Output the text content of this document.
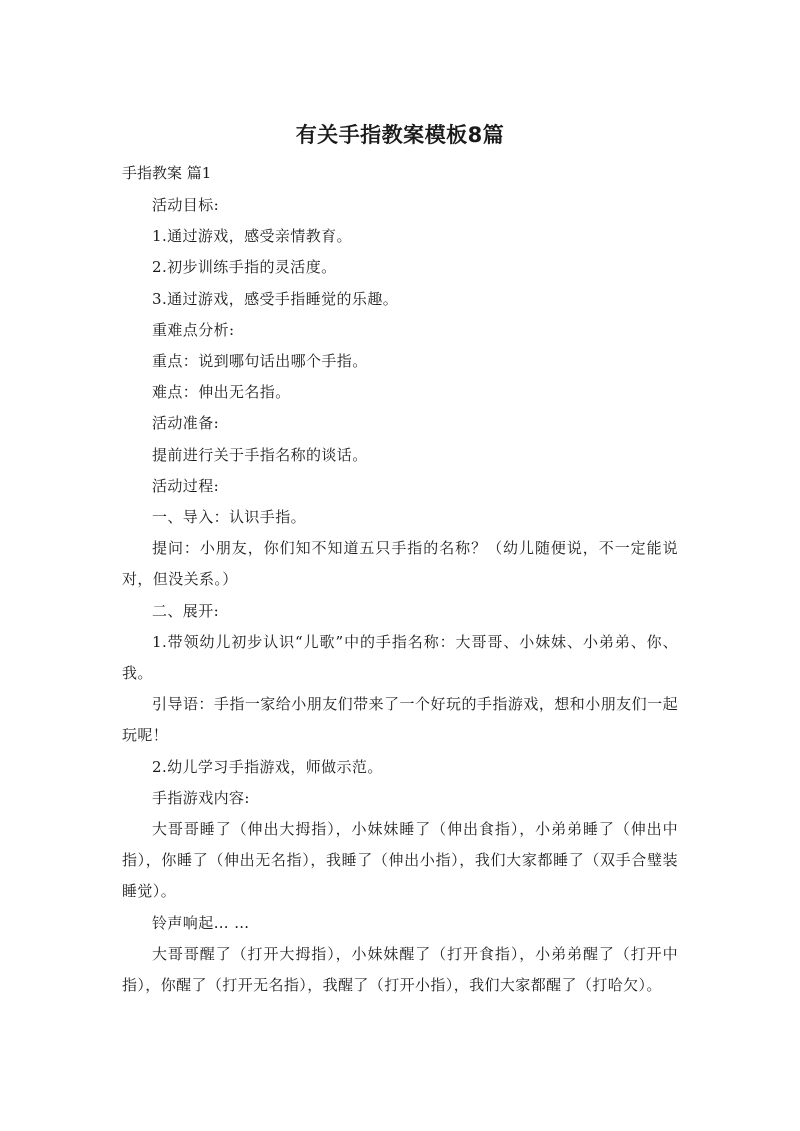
有关手指教案模板8篇
手指教案 篇1

活动目标:

1.通过游戏，感受亲情教育。

2.初步训练手指的灵活度。

3.通过游戏，感受手指睡觉的乐趣。

重难点分析:

重点：说到哪句话出哪个手指。

难点：伸出无名指。

活动准备:

提前进行关于手指名称的谈话。

活动过程:

一、导入：认识手指。

提问：小朋友，你们知不知道五只手指的名称？（幼儿随便说，不一定能说对，但没关系。）

二、展开:

1.带领幼儿初步认识“儿歌”中的手指名称：大哥哥、小妹妹、小弟弟、你、我。

引导语：手指一家给小朋友们带来了一个好玩的手指游戏，想和小朋友们一起玩呢！

2.幼儿学习手指游戏，师做示范。

手指游戏内容:

大哥哥睡了（伸出大拇指），小妹妹睡了（伸出食指），小弟弟睡了（伸出中指），你睡了（伸出无名指），我睡了（伸出小指），我们大家都睡了（双手合璧装睡觉）。

铃声响起… …

大哥哥醒了（打开大拇指），小妹妹醒了（打开食指），小弟弟醒了（打开中指），你醒了（打开无名指），我醒了（打开小指），我们大家都醒了（打哈欠）。
